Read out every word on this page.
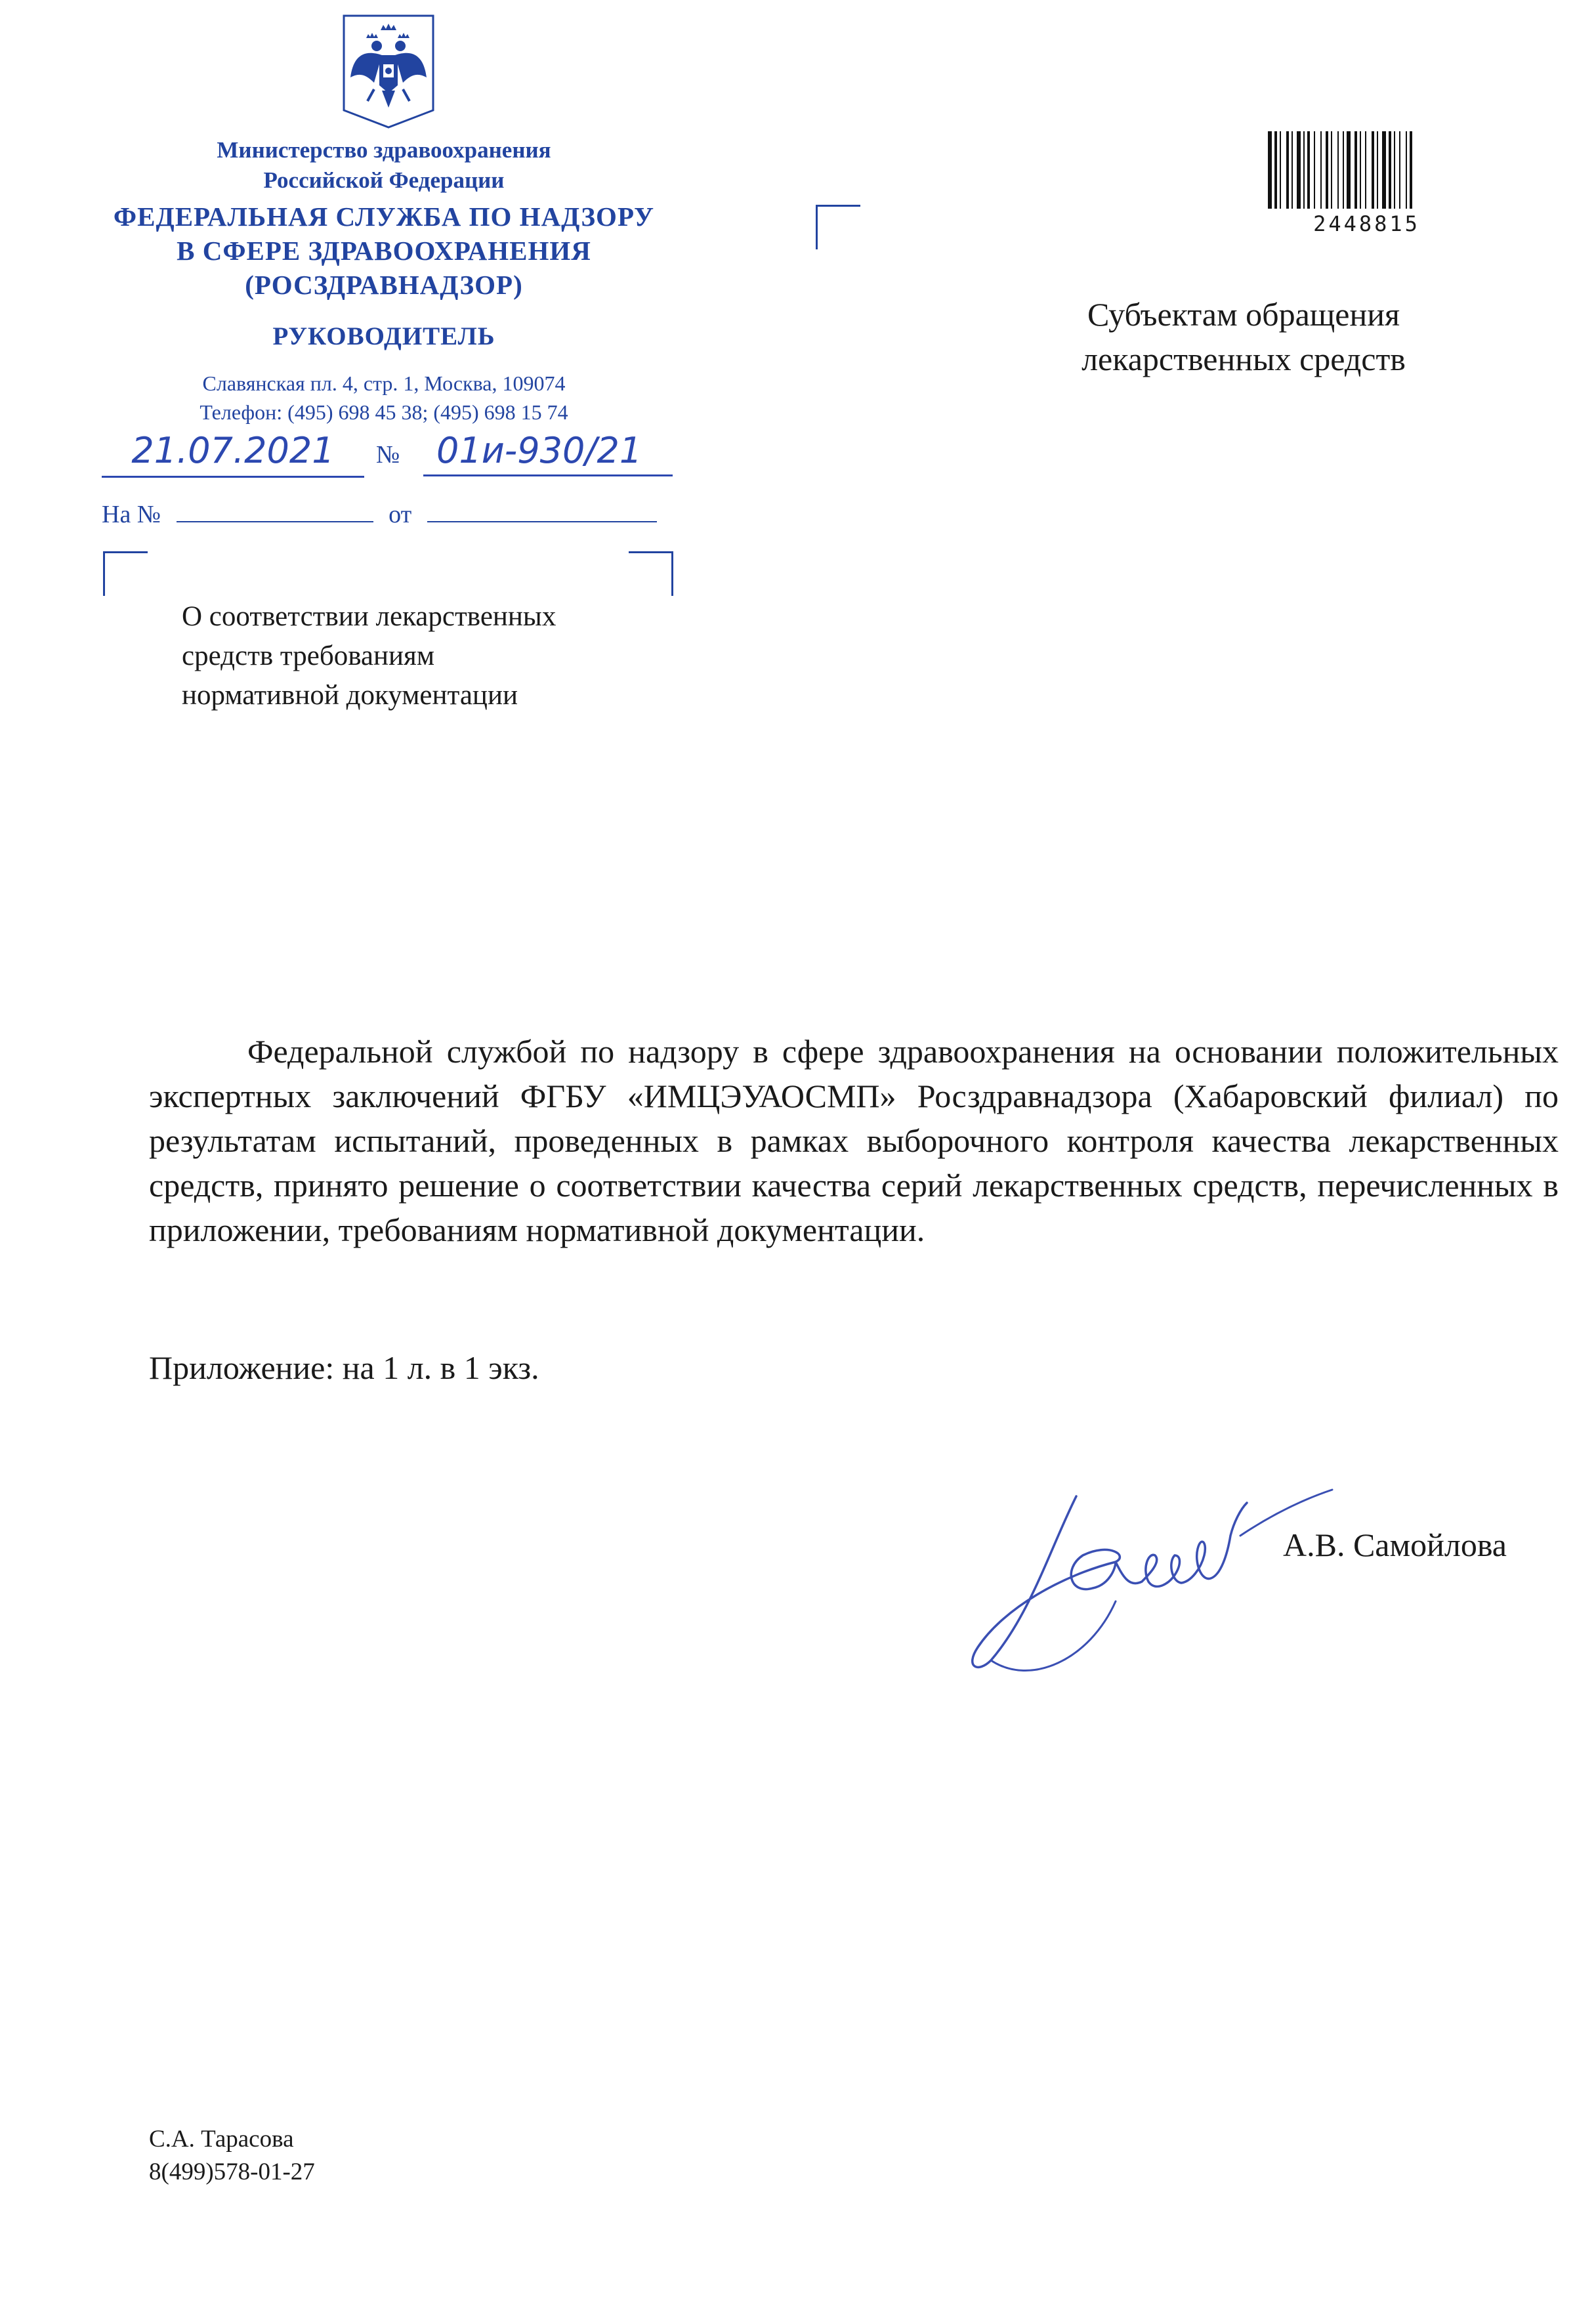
Министерство здравоохранения
Российской Федерации
ФЕДЕРАЛЬНАЯ СЛУЖБА ПО НАДЗОРУ
В СФЕРЕ ЗДРАВООХРАНЕНИЯ
(РОСЗДРАВНАДЗОР)
РУКОВОДИТЕЛЬ
Славянская пл. 4, стр. 1, Москва, 109074
Телефон: (495) 698 45 38; (495) 698 15 74
21.07.2021	№	01и-930/21
На №	от
2448815
Субъектам обращения
лекарственных средств
О соответствии лекарственных
средств требованиям
нормативной документации
Федеральной службой по надзору в сфере здравоохранения на основании положительных экспертных заключений ФГБУ «ИМЦЭУАОСМП» Росздравнадзора (Хабаровский филиал) по результатам испытаний, проведенных в рамках выборочного контроля качества лекарственных средств, принято решение о соответствии качества серий лекарственных средств, перечисленных в приложении, требованиям нормативной документации.
Приложение: на 1 л. в 1 экз.
А.В. Самойлова
С.А. Тарасова
8(499)578-01-27
